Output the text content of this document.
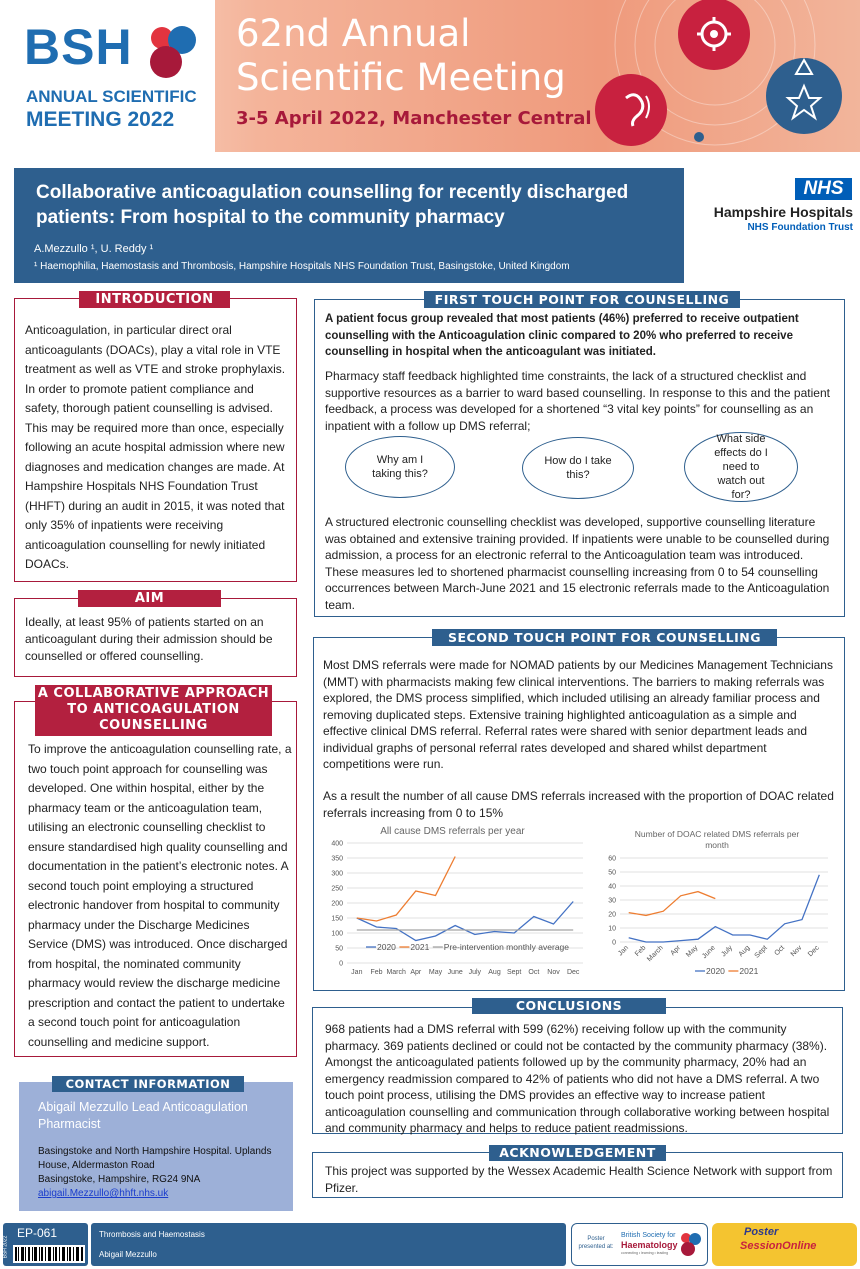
BSH
ANNUAL SCIENTIFIC
MEETING 2022
62nd Annual
Scientific Meeting
3-5 April 2022, Manchester Central
Collaborative anticoagulation counselling for recently discharged patients: From hospital to the community pharmacy
A.Mezzullo ¹, U. Reddy ¹
¹ Haemophilia, Haemostasis and Thrombosis, Hampshire Hospitals NHS Foundation Trust, Basingstoke, United Kingdom
NHS
Hampshire Hospitals
NHS Foundation Trust
INTRODUCTION
Anticoagulation, in particular direct oral anticoagulants (DOACs), play a vital role in VTE treatment as well as VTE and stroke prophylaxis. In order to promote patient compliance and safety, thorough patient counselling is advised. This may be required more than once, especially following an acute hospital admission where new diagnoses and medication changes are made. At Hampshire Hospitals NHS Foundation Trust (HHFT) during an audit in 2015, it was noted that only 35% of inpatients were receiving anticoagulation counselling for newly initiated DOACs.
AIM
Ideally, at least 95% of patients started on an anticoagulant during their admission should be counselled or offered counselling.
A COLLABORATIVE APPROACH TO ANTICOAGULATION COUNSELLING
To improve the anticoagulation counselling rate, a two touch point approach for counselling was developed. One within hospital, either by the pharmacy team or the anticoagulation team, utilising an electronic counselling checklist to ensure standardised high quality counselling and documentation in the patient’s electronic notes. A second touch point employing a structured electronic handover from hospital to community pharmacy under the Discharge Medicines Service (DMS) was introduced. Once discharged from hospital, the nominated community pharmacy would review the discharge medicine prescription and contact the patient to undertake a second touch point for anticoagulation counselling and medicine support.
CONTACT INFORMATION
Abigail Mezzullo Lead Anticoagulation Pharmacist
Basingstoke and North Hampshire Hospital. Uplands House, Aldermaston Road
Basingstoke, Hampshire, RG24 9NA
abigail.Mezzullo@hhft.nhs.uk
FIRST TOUCH POINT FOR COUNSELLING
A patient focus group revealed that most patients (46%) preferred to receive outpatient counselling with the Anticoagulation clinic compared to 20% who preferred to receive counselling in hospital when the anticoagulant was initiated.
Pharmacy staff feedback highlighted time constraints, the lack of a structured checklist and supportive resources as a barrier to ward based counselling. In response to this and the patient feedback, a process was developed for a shortened “3 vital key points” for counselling as an inpatient with a follow up DMS referral;
Why am I taking this?
How do I take this?
What side effects do I need to watch out for?
A structured electronic counselling checklist was developed, supportive counselling literature was obtained and extensive training provided. If inpatients were unable to be counselled during admission, a process for an electronic referral to the Anticoagulation team was introduced. These measures led to shortened pharmacist counselling increasing from 0 to 54 counselling occurrences between March-June 2021 and 15 electronic referrals made to the Anticoagulation team.
SECOND TOUCH POINT FOR COUNSELLING
Most DMS referrals were made for NOMAD patients by our Medicines Management Technicians (MMT) with pharmacists making few clinical interventions. The barriers to making referrals was explored, the DMS process simplified, which included utilising an already familiar process and removing duplicated steps. Extensive training highlighted anticoagulation as a simple and effective clinical DMS referral. Referral rates were shared with senior department leads and individual graphs of personal referral rates developed and shared whilst department competitions were run.
As a result the number of all cause DMS referrals increased with the proportion of DOAC related referrals increasing from 0 to 15%
All cause DMS referrals per year
0
50
100
150
200
250
300
350
400
Jan Feb March Apr May June July Aug Sept Oct Nov Dec
2020 2021 Pre-intervention monthly average
Number of DOAC related DMS referrals per month
0
10
20
30
40
50
60
Jan Feb
March Apr May June July Aug Sept Oct Nov Dec
2020 2021
CONCLUSIONS
968 patients had a DMS referral with 599 (62%) receiving follow up with the community pharmacy. 369 patients declined or could not be contacted by the community pharmacy (38%). Amongst the anticoagulated patients followed up by the community pharmacy, 20% had an emergency readmission compared to 42% of patients who did not have a DMS referral. A two touch point process, utilising the DMS provides an effective way to increase patient anticoagulation counselling and communication through collaborative working between hospital and community pharmacy and helps to reduce patient readmissions.
ACKNOWLEDGEMENT
This project was supported by the Wessex Academic Health Science Network with support from Pfizer.
EP-061
BSH 2022
Thrombosis and Haemostasis
Abigail Mezzullo
Poster presented at:
British Society for
Haematology
connecting • learning • leading
Poster
SessionOnline
